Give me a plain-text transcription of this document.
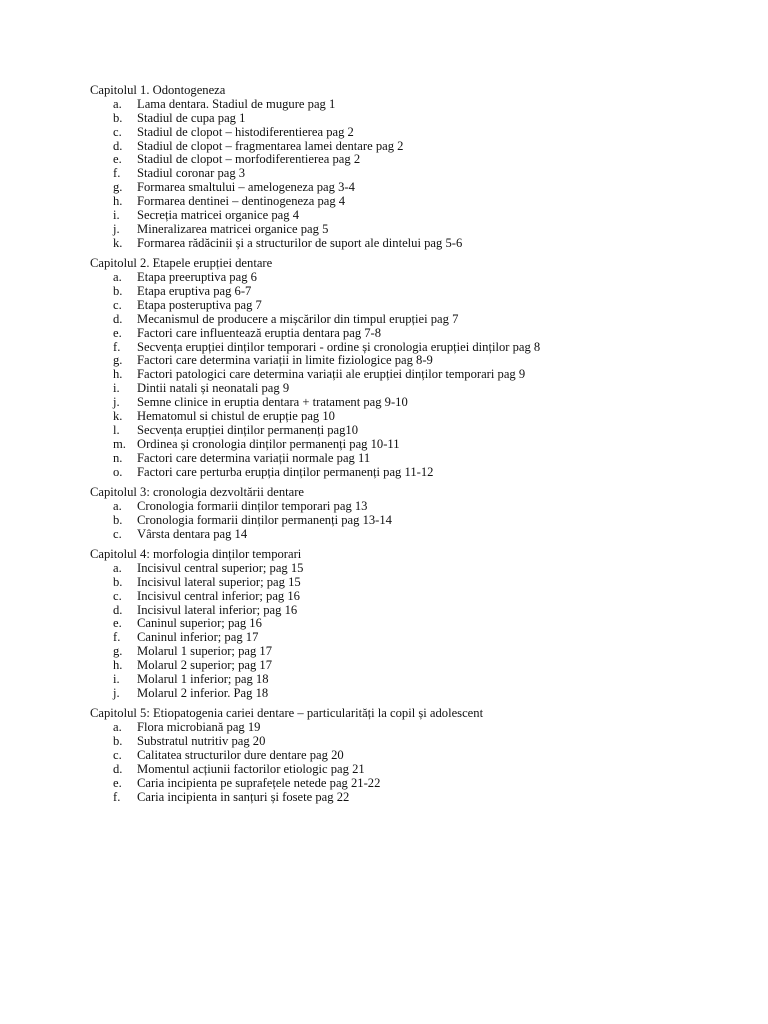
Capitolul 1. Odontogeneza
a. Lama dentara. Stadiul de mugure pag 1
b. Stadiul de cupa pag 1
c. Stadiul de clopot – histodiferentierea pag 2
d. Stadiul de clopot – fragmentarea lamei dentare pag 2
e. Stadiul de clopot – morfodiferentierea pag 2
f. Stadiul coronar pag 3
g. Formarea smaltului – amelogeneza pag 3-4
h. Formarea dentinei – dentinogeneza pag 4
i. Secreția matricei organice pag 4
j. Mineralizarea matricei organice pag 5
k. Formarea rădăcinii și a structurilor de suport ale dintelui pag 5-6
Capitolul 2. Etapele erupției dentare
a. Etapa preeruptiva pag 6
b. Etapa eruptiva pag 6-7
c. Etapa posteruptiva pag 7
d. Mecanismul de producere a mișcărilor din timpul erupției pag 7
e. Factori care influentează eruptia dentara pag 7-8
f. Secvența erupției dinților temporari - ordine și cronologia erupției dinților pag 8
g. Factori care determina variații in limite fiziologice pag 8-9
h. Factori patologici care determina variații ale erupției dinților temporari pag 9
i. Dintii natali și neonatali pag 9
j. Semne clinice in eruptia dentara + tratament pag 9-10
k. Hematomul si chistul de erupție pag 10
l. Secvența erupției dinților permanenți pag10
m. Ordinea și cronologia dinților permanenți pag 10-11
n. Factori care determina variații normale pag 11
o. Factori care perturba erupția dinților permanenți pag 11-12
Capitolul 3: cronologia dezvoltării dentare
a. Cronologia formarii dinților temporari pag 13
b. Cronologia formarii dinților permanenți pag 13-14
c. Vârsta dentara pag 14
Capitolul 4: morfologia dinților temporari
a. Incisivul central superior; pag 15
b. Incisivul lateral superior; pag 15
c. Incisivul central inferior; pag 16
d. Incisivul lateral inferior; pag 16
e. Caninul superior; pag 16
f. Caninul inferior; pag 17
g. Molarul 1 superior; pag 17
h. Molarul 2 superior; pag 17
i. Molarul 1 inferior; pag 18
j. Molarul 2 inferior. Pag 18
Capitolul 5: Etiopatogenia cariei dentare – particularități la copil și adolescent
a. Flora microbiană pag 19
b. Substratul nutritiv pag 20
c. Calitatea structurilor dure dentare pag 20
d. Momentul acțiunii factorilor etiologic pag 21
e. Caria incipienta pe suprafețele netede pag 21-22
f. Caria incipienta in sanțuri și fosete pag 22
